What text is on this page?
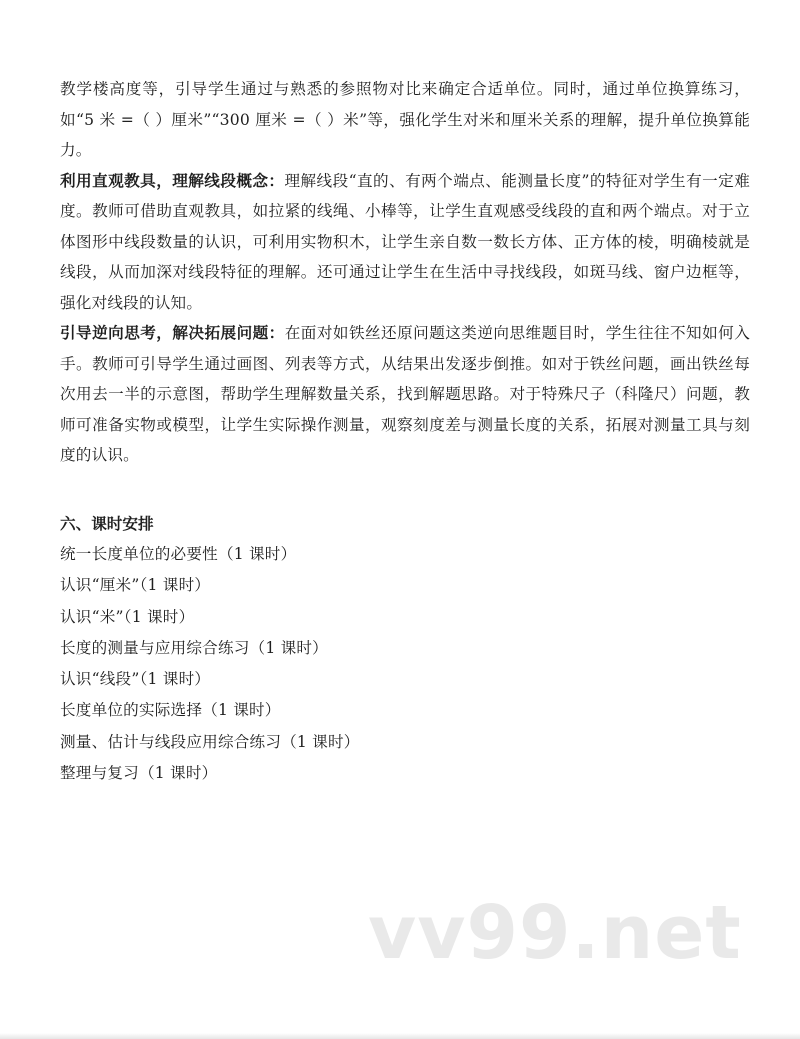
教学楼高度等，引导学生通过与熟悉的参照物对比来确定合适单位。同时，通过单位换算练习，如“5 米 =（ ）厘米”“300 厘米 =（ ）米”等，强化学生对米和厘米关系的理解，提升单位换算能力。

利用直观教具，理解线段概念：理解线段“直的、有两个端点、能测量长度”的特征对学生有一定难度。教师可借助直观教具，如拉紧的线绳、小棒等，让学生直观感受线段的直和两个端点。对于立体图形中线段数量的认识，可利用实物积木，让学生亲自数一数长方体、正方体的棱，明确棱就是线段，从而加深对线段特征的理解。还可通过让学生在生活中寻找线段，如斑马线、窗户边框等，强化对线段的认知。

引导逆向思考，解决拓展问题：在面对如铁丝还原问题这类逆向思维题目时，学生往往不知如何入手。教师可引导学生通过画图、列表等方式，从结果出发逐步倒推。如对于铁丝问题，画出铁丝每次用去一半的示意图，帮助学生理解数量关系，找到解题思路。对于特殊尺子（科隆尺）问题，教师可准备实物或模型，让学生实际操作测量，观察刻度差与测量长度的关系，拓展对测量工具与刻度的认识。

六、课时安排
统一长度单位的必要性（1 课时）
认识“厘米”（1 课时）
认识“米”（1 课时）
长度的测量与应用综合练习（1 课时）
认识“线段”（1 课时）
长度单位的实际选择（1 课时）
测量、估计与线段应用综合练习（1 课时）
整理与复习（1 课时）
vv99.net
